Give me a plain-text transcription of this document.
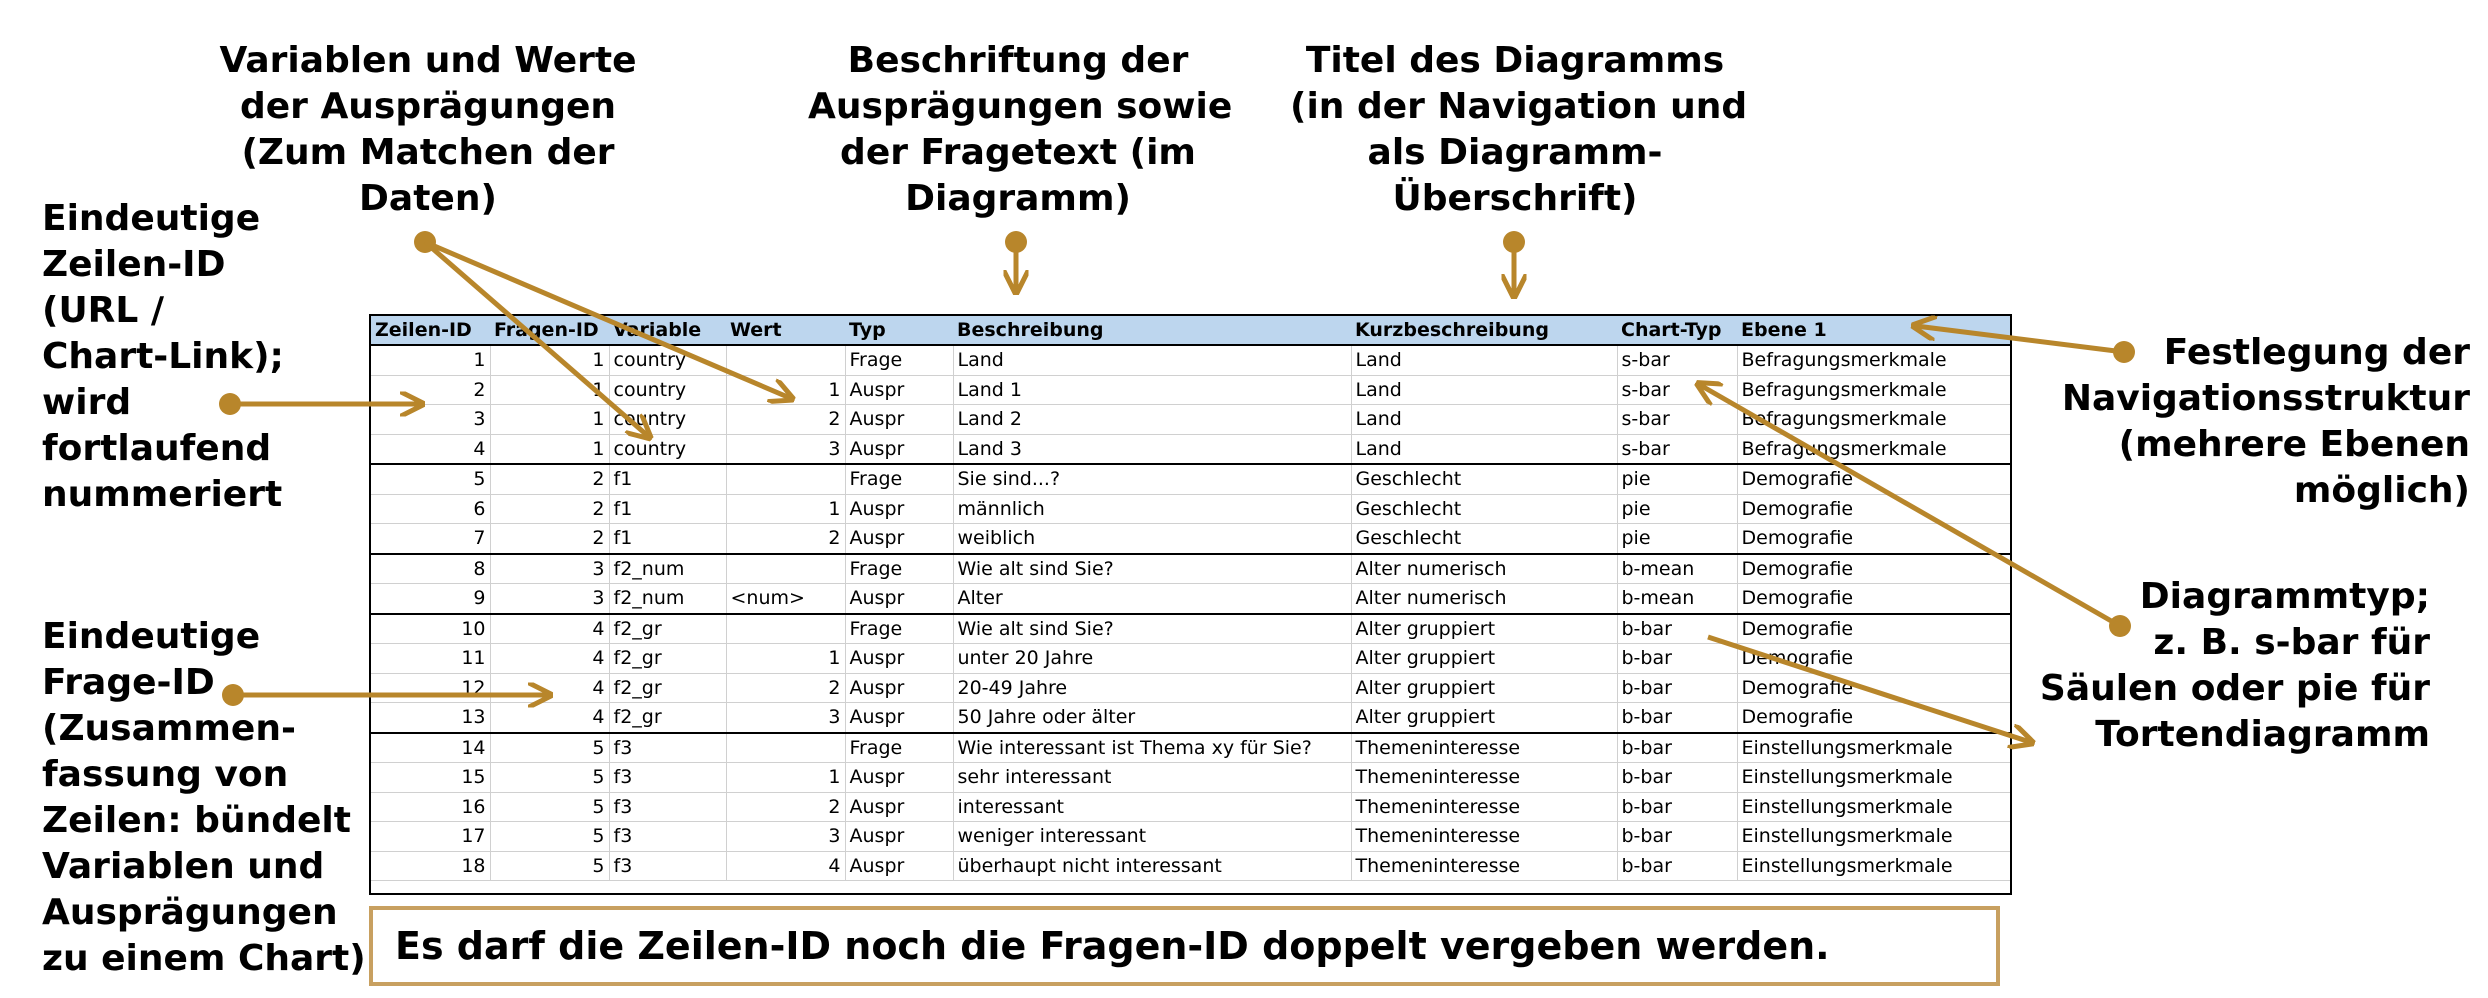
Variablen und Werte
der Ausprägungen
(Zum Matchen der
Daten)
Beschriftung der
Ausprägungen sowie
der Fragetext (im
Diagramm)
Titel des Diagramms
(in der Navigation und
als Diagramm-
Überschrift)
Eindeutige
Zeilen-ID
(URL /
Chart-Link);
wird
fortlaufend
nummeriert
Eindeutige
Frage-ID
(Zusammen-
fassung von
Zeilen: bündelt
Variablen und
Ausprägungen
zu einem Chart)
Festlegung der
Navigationsstruktur
(mehrere Ebenen
möglich)
Diagrammtyp;
z. B. s-bar für
Säulen oder pie für
Tortendiagramm
Zeilen-ID	Fragen-ID	Variable	Wert	Typ	Beschreibung	Kurzbeschreibung	Chart-Typ	Ebene 1
1	1	country		Frage	Land	Land	s-bar	Befragungsmerkmale
2	1	country	1	Auspr	Land 1	Land	s-bar	Befragungsmerkmale
3	1	country	2	Auspr	Land 2	Land	s-bar	Befragungsmerkmale
4	1	country	3	Auspr	Land 3	Land	s-bar	Befragungsmerkmale
5	2	f1		Frage	Sie sind...?	Geschlecht	pie	Demografie
6	2	f1	1	Auspr	männlich	Geschlecht	pie	Demografie
7	2	f1	2	Auspr	weiblich	Geschlecht	pie	Demografie
8	3	f2_num		Frage	Wie alt sind Sie?	Alter numerisch	b-mean	Demografie
9	3	f2_num	<num>	Auspr	Alter	Alter numerisch	b-mean	Demografie
10	4	f2_gr		Frage	Wie alt sind Sie?	Alter gruppiert	b-bar	Demografie
11	4	f2_gr	1	Auspr	unter 20 Jahre	Alter gruppiert	b-bar	Demografie
12	4	f2_gr	2	Auspr	20-49 Jahre	Alter gruppiert	b-bar	Demografie
13	4	f2_gr	3	Auspr	50 Jahre oder älter	Alter gruppiert	b-bar	Demografie
14	5	f3		Frage	Wie interessant ist Thema xy für Sie?	Themeninteresse	b-bar	Einstellungsmerkmale
15	5	f3	1	Auspr	sehr interessant	Themeninteresse	b-bar	Einstellungsmerkmale
16	5	f3	2	Auspr	interessant	Themeninteresse	b-bar	Einstellungsmerkmale
17	5	f3	3	Auspr	weniger interessant	Themeninteresse	b-bar	Einstellungsmerkmale
18	5	f3	4	Auspr	überhaupt nicht interessant	Themeninteresse	b-bar	Einstellungsmerkmale
Es darf die Zeilen-ID noch die Fragen-ID doppelt vergeben werden.
